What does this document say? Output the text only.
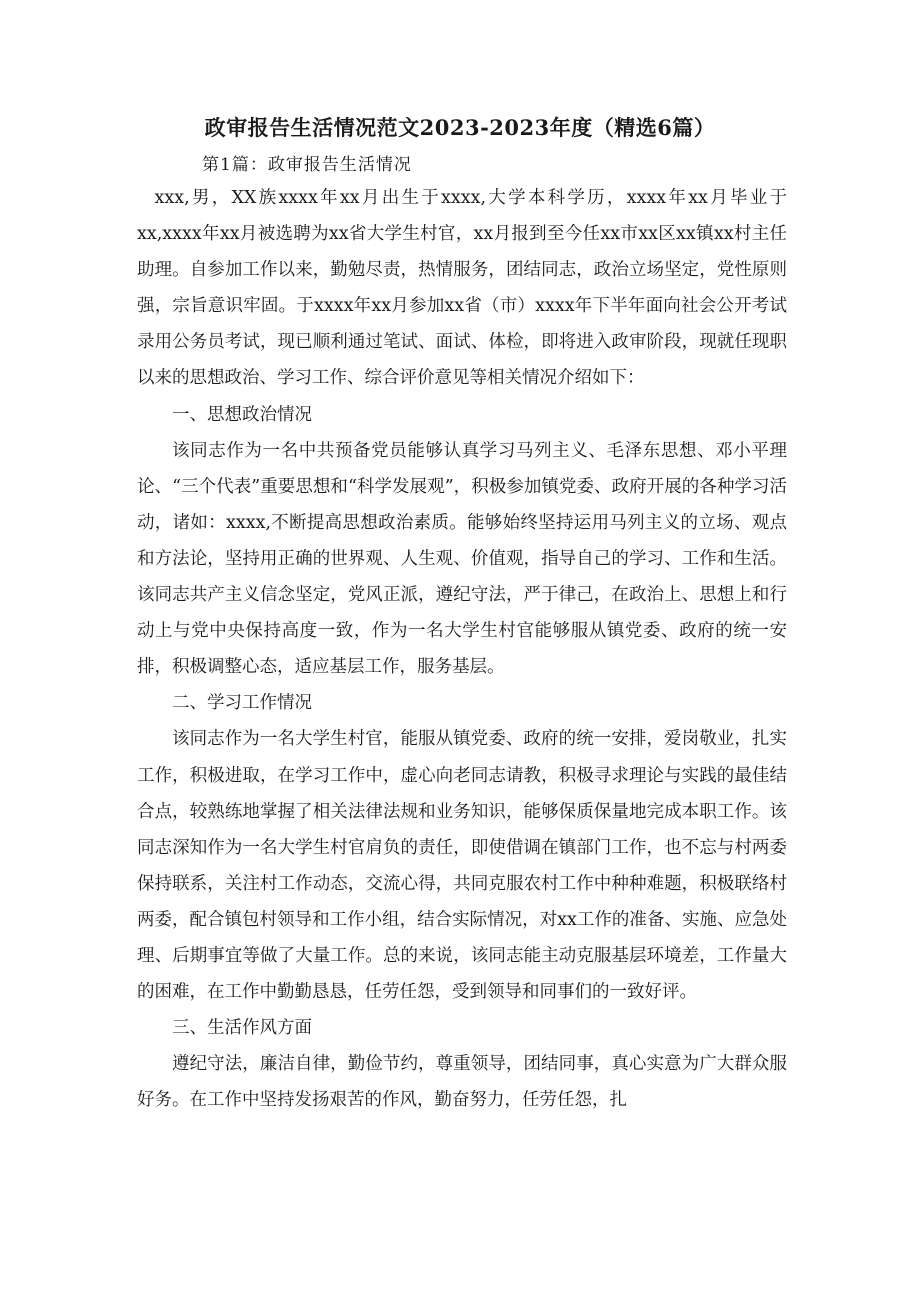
政审报告生活情况范文2023-2023年度（精选6篇）
第1篇：政审报告生活情况

xxx,男，XX族xxxx年xx月出生于xxxx,大学本科学历，xxxx年xx月毕业于xx,xxxx年xx月被选聘为xx省大学生村官，xx月报到至今任xx市xx区xx镇xx村主任助理。自参加工作以来，勤勉尽责，热情服务，团结同志，政治立场坚定，党性原则强，宗旨意识牢固。于xxxx年xx月参加xx省（市）xxxx年下半年面向社会公开考试录用公务员考试，现已顺利通过笔试、面试、体检，即将进入政审阶段，现就任现职以来的思想政治、学习工作、综合评价意见等相关情况介绍如下：

一、思想政治情况

该同志作为一名中共预备党员能够认真学习马列主义、毛泽东思想、邓小平理论、“三个代表”重要思想和“科学发展观”，积极参加镇党委、政府开展的各种学习活动，诸如：xxxx,不断提高思想政治素质。能够始终坚持运用马列主义的立场、观点和方法论，坚持用正确的世界观、人生观、价值观，指导自己的学习、工作和生活。该同志共产主义信念坚定，党风正派，遵纪守法，严于律己，在政治上、思想上和行动上与党中央保持高度一致，作为一名大学生村官能够服从镇党委、政府的统一安排，积极调整心态，适应基层工作，服务基层。

二、学习工作情况

该同志作为一名大学生村官，能服从镇党委、政府的统一安排，爱岗敬业，扎实工作，积极进取，在学习工作中，虚心向老同志请教，积极寻求理论与实践的最佳结合点，较熟练地掌握了相关法律法规和业务知识，能够保质保量地完成本职工作。该同志深知作为一名大学生村官肩负的责任，即使借调在镇部门工作，也不忘与村两委保持联系，关注村工作动态，交流心得，共同克服农村工作中种种难题，积极联络村两委，配合镇包村领导和工作小组，结合实际情况，对xx工作的准备、实施、应急处理、后期事宜等做了大量工作。总的来说，该同志能主动克服基层环境差，工作量大的困难，在工作中勤勤恳恳，任劳任怨，受到领导和同事们的一致好评。

三、生活作风方面

遵纪守法，廉洁自律，勤俭节约，尊重领导，团结同事，真心实意为广大群众服好务。在工作中坚持发扬艰苦的作风，勤奋努力，任劳任怨，扎
